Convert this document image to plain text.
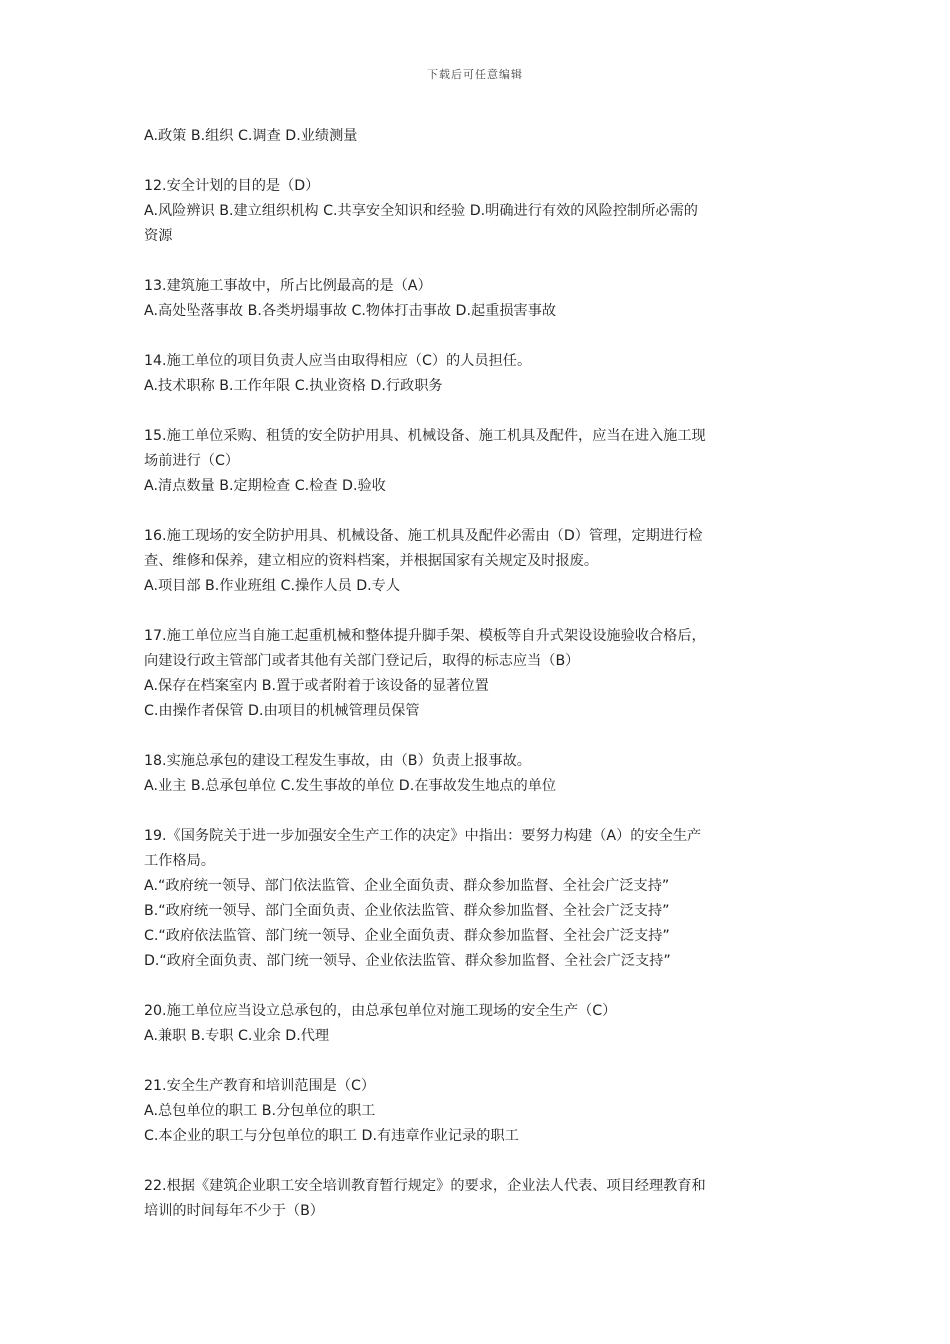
下载后可任意编辑
A.政策 B.组织 C.调查 D.业绩测量
12.安全计划的目的是（D）
A.风险辨识 B.建立组织机构 C.共享安全知识和经验 D.明确进行有效的风险控制所必需的
资源
13.建筑施工事故中，所占比例最高的是（A）
A.高处坠落事故 B.各类坍塌事故 C.物体打击事故 D.起重损害事故
14.施工单位的项目负责人应当由取得相应（C）的人员担任。
A.技术职称 B.工作年限 C.执业资格 D.行政职务
15.施工单位采购、租赁的安全防护用具、机械设备、施工机具及配件，应当在进入施工现
场前进行（C）
A.清点数量 B.定期检查 C.检查 D.验收
16.施工现场的安全防护用具、机械设备、施工机具及配件必需由（D）管理，定期进行检
查、维修和保养，建立相应的资料档案，并根据国家有关规定及时报废。
A.项目部 B.作业班组 C.操作人员 D.专人
17.施工单位应当自施工起重机械和整体提升脚手架、模板等自升式架设设施验收合格后，
向建设行政主管部门或者其他有关部门登记后，取得的标志应当（B）
A.保存在档案室内 B.置于或者附着于该设备的显著位置
C.由操作者保管 D.由项目的机械管理员保管
18.实施总承包的建设工程发生事故，由（B）负责上报事故。
A.业主 B.总承包单位 C.发生事故的单位 D.在事故发生地点的单位
19.《国务院关于进一步加强安全生产工作的决定》中指出：要努力构建（A）的安全生产
工作格局。
A.“政府统一领导、部门依法监管、企业全面负责、群众参加监督、全社会广泛支持”
B.“政府统一领导、部门全面负责、企业依法监管、群众参加监督、全社会广泛支持”
C.“政府依法监管、部门统一领导、企业全面负责、群众参加监督、全社会广泛支持”
D.“政府全面负责、部门统一领导、企业依法监管、群众参加监督、全社会广泛支持”
20.施工单位应当设立总承包的，由总承包单位对施工现场的安全生产（C）
A.兼职 B.专职 C.业余 D.代理
21.安全生产教育和培训范围是（C）
A.总包单位的职工 B.分包单位的职工
C.本企业的职工与分包单位的职工 D.有违章作业记录的职工
22.根据《建筑企业职工安全培训教育暂行规定》的要求，企业法人代表、项目经理教育和
培训的时间每年不少于（B）
